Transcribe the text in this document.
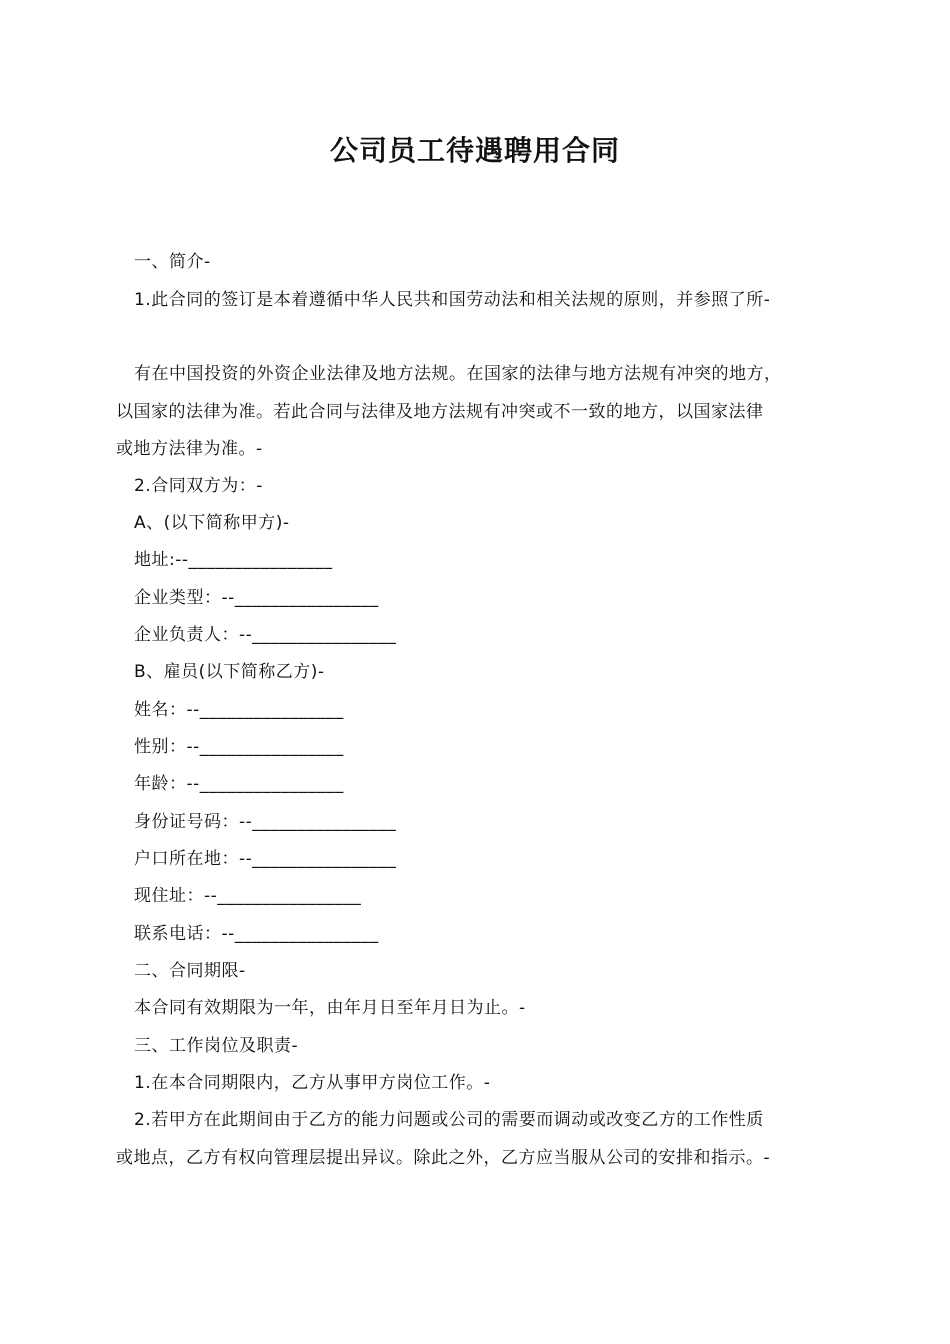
公司员工待遇聘用合同
一、简介-
1.此合同的签订是本着遵循中华人民共和国劳动法和相关法规的原则，并参照了所-
有在中国投资的外资企业法律及地方法规。在国家的法律与地方法规有冲突的地方，
以国家的法律为准。若此合同与法律及地方法规有冲突或不一致的地方，以国家法律
或地方法律为准。-
2.合同双方为：-
A、(以下简称甲方)-
地址:--________________
企业类型：--________________
企业负责人：--________________
B、雇员(以下简称乙方)-
姓名：--________________
性别：--________________
年龄：--________________
身份证号码：--________________
户口所在地：--________________
现住址：--________________
联系电话：--________________
二、合同期限-
本合同有效期限为一年，由年月日至年月日为止。-
三、工作岗位及职责-
1.在本合同期限内，乙方从事甲方岗位工作。-
2.若甲方在此期间由于乙方的能力问题或公司的需要而调动或改变乙方的工作性质
或地点，乙方有权向管理层提出异议。除此之外，乙方应当服从公司的安排和指示。-
